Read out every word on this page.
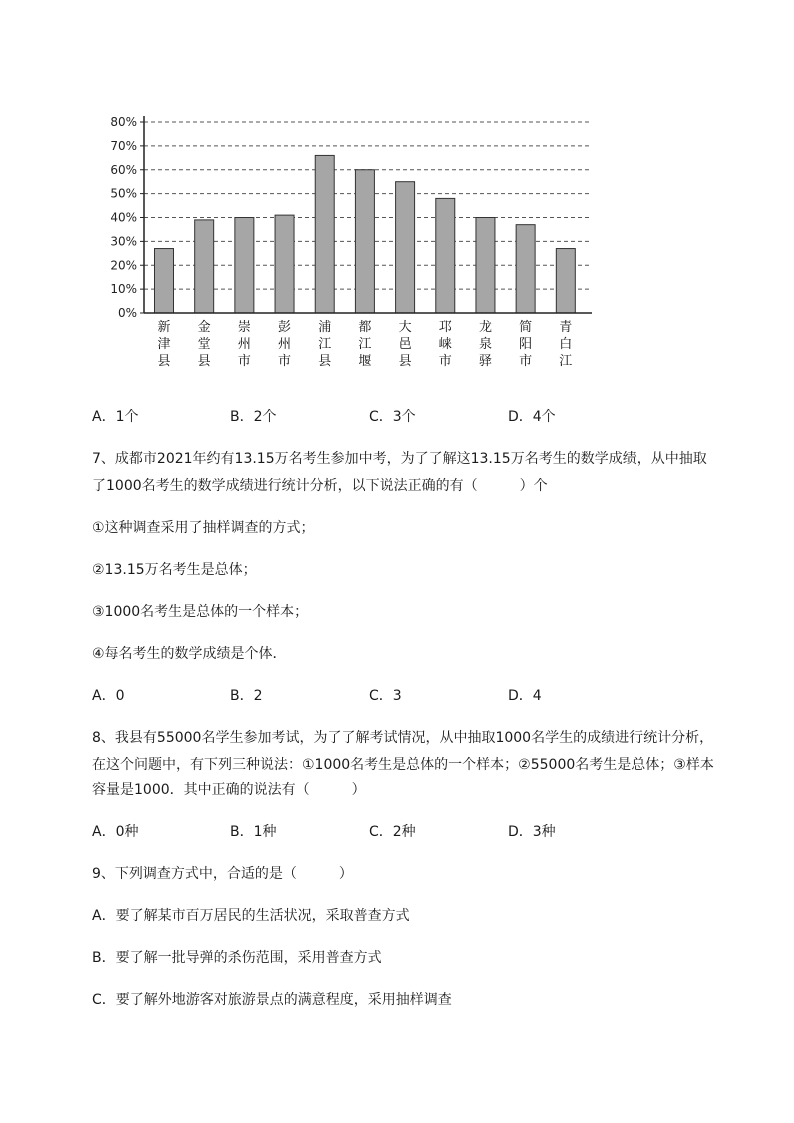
0%
10%
20%
30%
40%
50%
60%
70%
80%
新津县
金堂县
崇州市
彭州市
浦江县
都江堰
大邑县
邛崃市
龙泉驿
简阳市
青白江
A．1个	B．2个	C．3个	D．4个
7、成都市2021年约有13.15万名考生参加中考，为了了解这13.15万名考生的数学成绩，从中抽取
了1000名考生的数学成绩进行统计分析，以下说法正确的有（　　　）个
①这种调查采用了抽样调查的方式；
②13.15万名考生是总体；
③1000名考生是总体的一个样本；
④每名考生的数学成绩是个体．
A．0	B．2	C．3	D．4
8、我县有55000名学生参加考试，为了了解考试情况，从中抽取1000名学生的成绩进行统计分析，
在这个问题中，有下列三种说法：①1000名考生是总体的一个样本；②55000名考生是总体；③样本
容量是1000．其中正确的说法有（　　　）
A．0种	B．1种	C．2种	D．3种
9、下列调查方式中，合适的是（　　　）
A．要了解某市百万居民的生活状况，采取普查方式
B．要了解一批导弹的杀伤范围，采用普查方式
C．要了解外地游客对旅游景点的满意程度，采用抽样调查
